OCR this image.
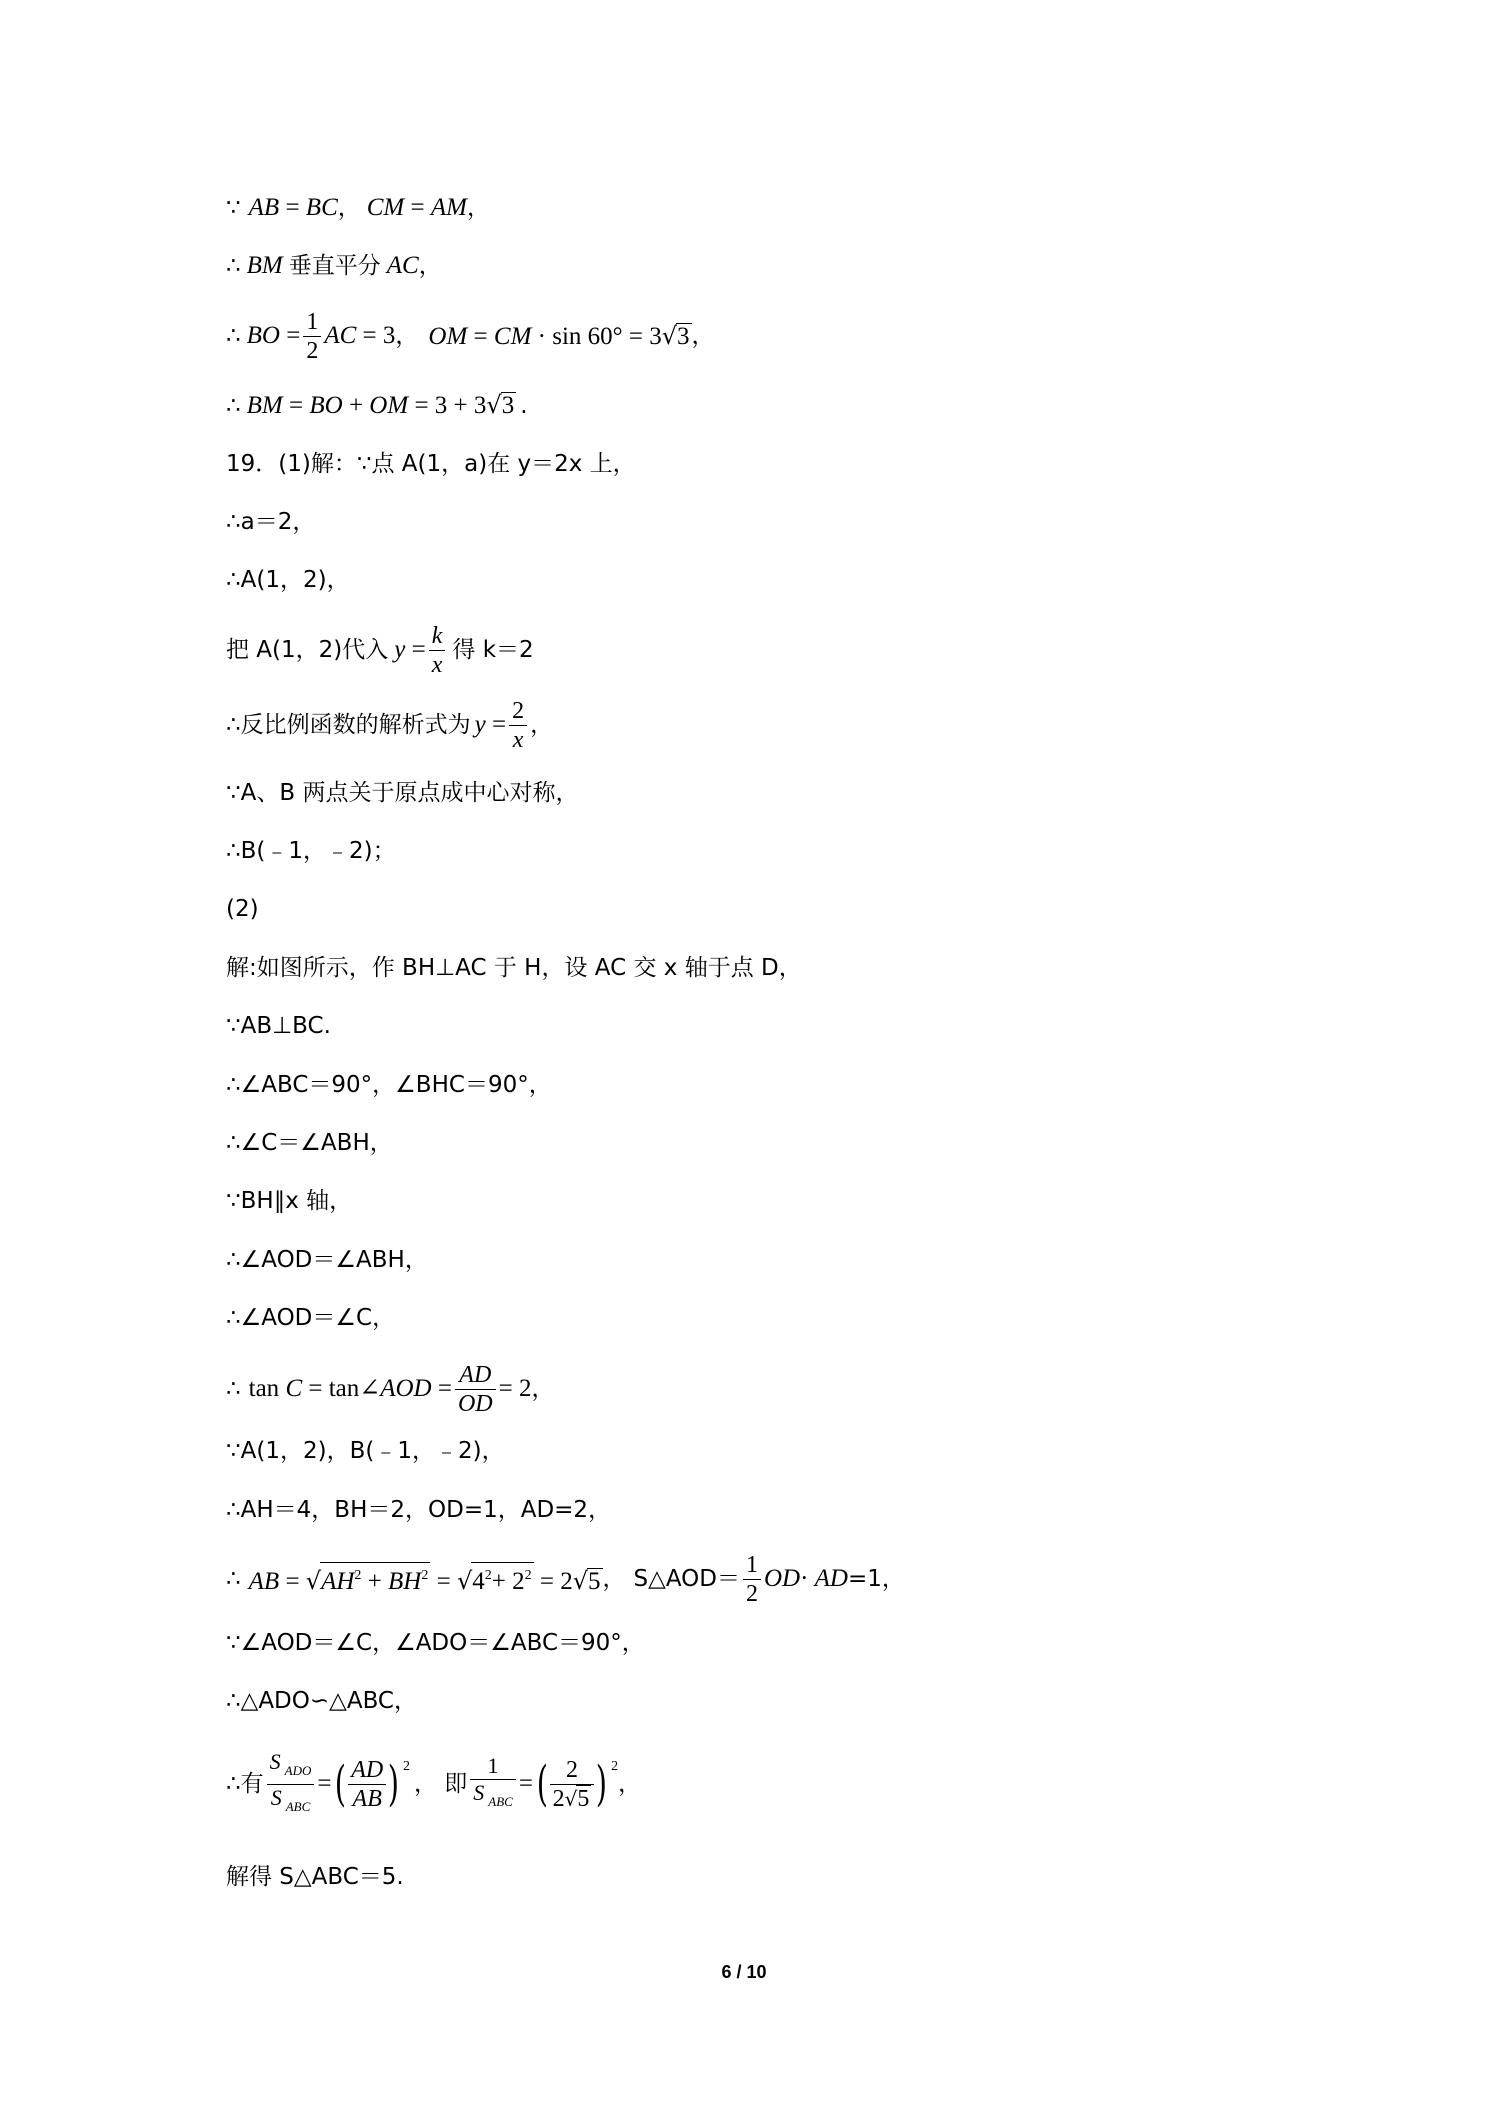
∵ AB = BC ， CM = AM ，
∴ BM 垂直平分 AC ，
∴ BO = $\frac{1}{2}$ AC = 3 ， OM = CM · sin 60° = 3√3 ，
∴ BM = BO + OM = 3 + 3√3 .
19．(1)解：∵点 A(1，a)在 y＝2x 上，
∴a＝2，
∴A(1，2)，
把 A(1，2)代入 $y = \frac{k}{x}$ 得 k＝2
∴反比例函数的解析式为 $y = \frac{2}{x}$ ，
∵A、B 两点关于原点成中心对称，
∴B(﹣1，﹣2)；
(2)
解:如图所示，作 BH⊥AC 于 H，设 AC 交 x 轴于点 D，
∵AB⊥BC.
∴∠ABC＝90°，∠BHC＝90°，
∴∠C＝∠ABH，
∵BH∥x 轴，
∴∠AOD＝∠ABH，
∴∠AOD＝∠C，
∴ tan C = tan∠AOD = $\frac{AD}{OD} = 2$ ，
∵A(1，2)，B(﹣1，﹣2)，
∴AH＝4，BH＝2，OD=1，AD=2，
∴ AB = $√AH^2 + BH^2 = √4^2+ 2^2 = 2√5$ ， S△AOD＝ $\frac{1}{2} OD\cdot$ AD =1，
∵∠AOD＝∠C，∠ADO＝∠ABC＝90°，
∴△ADO∽△ABC，
∴有 $\frac{S _{ADO}}{S _{ABC}}$ = ( $\frac{AD}{AB}$ ) $^2$
， 即 $\frac{1}{S _{ABC}}$ = ( $\frac{2}{2√5}$ ) $^2$
，
解得 S△ABC＝5.
6 / 10
